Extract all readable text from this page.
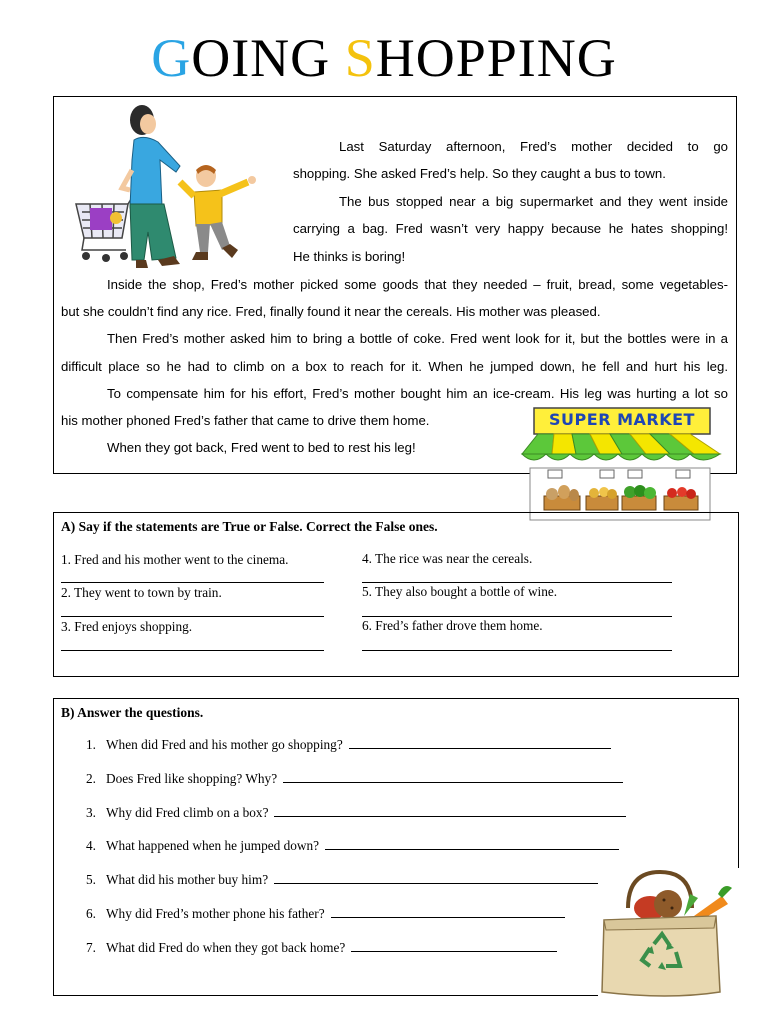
GOING SHOPPING
Last Saturday afternoon, Fred’s mother decided to go
shopping. She asked Fred’s help. So they caught a bus to town.
The bus stopped near a big supermarket and they went inside
carrying a bag. Fred wasn’t very happy because he hates shopping!
He thinks is boring!
Inside the shop, Fred’s mother picked some goods that they needed – fruit, bread, some vegetables-
but she couldn’t find any rice. Fred, finally found it near the cereals. His mother was pleased.
Then Fred’s mother asked him to bring a bottle of coke. Fred went look for it, but the bottles were in a
difficult place so he had to climb on a box to reach for it. When he jumped down, he fell and hurt his leg.
To compensate him for his effort, Fred’s mother bought him an ice-cream. His leg was hurting a lot so
his mother phoned Fred’s father that came to drive them home.
When they got back, Fred went to bed to rest his leg!
SUPER MARKET
A) Say if the statements are True or False. Correct the False ones.
1. Fred and his mother went to the cinema.
2. They went to town by train.
3. Fred enjoys shopping.
4. The rice was near the cereals.
5. They also bought a bottle of wine.
6. Fred’s father drove them home.
B) Answer the questions.
1. When did Fred and his mother go shopping?
2. Does Fred like shopping? Why?
3. Why did Fred climb on a box?
4. What happened when he jumped down?
5. What did his mother buy him?
6. Why did Fred’s mother phone his father?
7. What did Fred do when they got back home?
